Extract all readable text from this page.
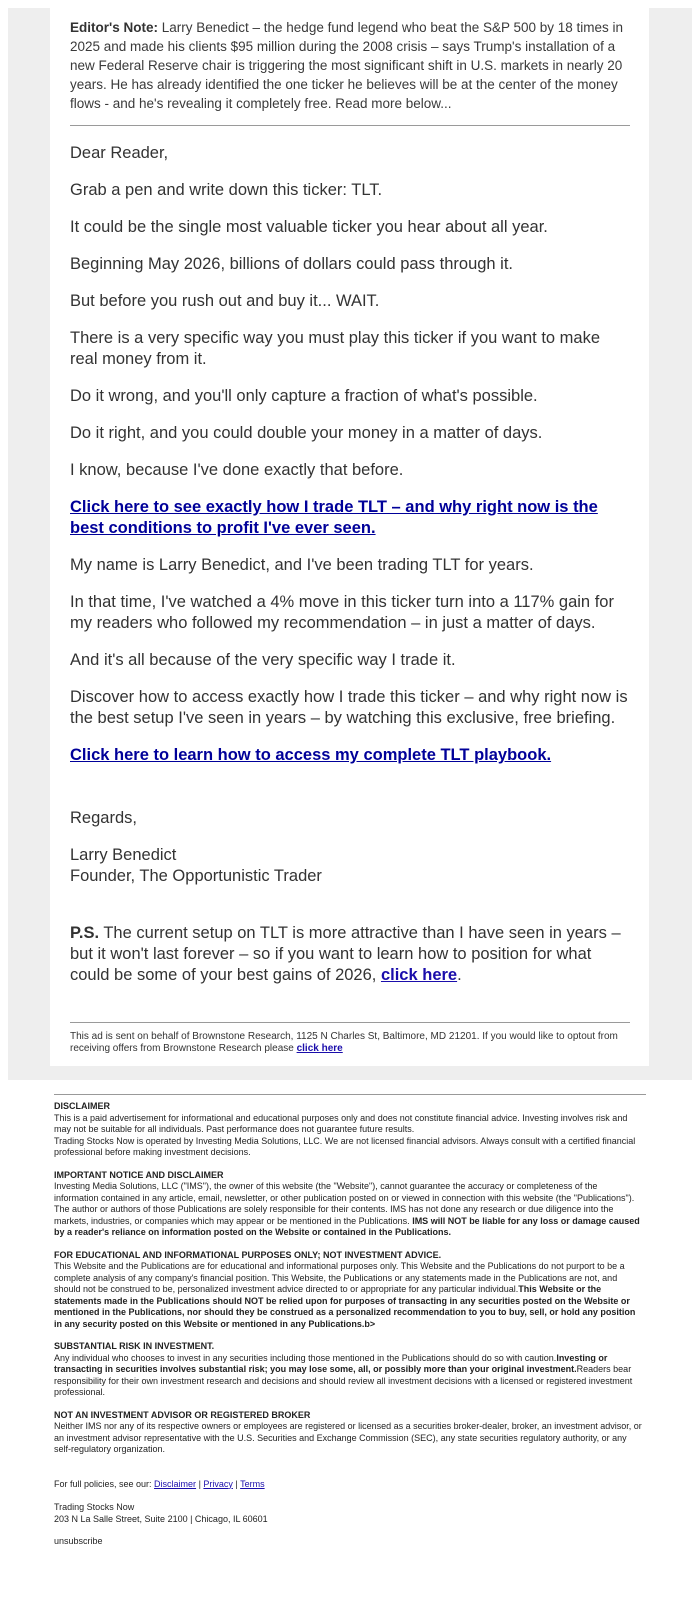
Editor's Note: Larry Benedict – the hedge fund legend who beat the S&P 500 by 18 times in 2025 and made his clients $95 million during the 2008 crisis – says Trump's installation of a new Federal Reserve chair is triggering the most significant shift in U.S. markets in nearly 20 years. He has already identified the one ticker he believes will be at the center of the money flows - and he's revealing it completely free. Read more below...

Dear Reader,

Grab a pen and write down this ticker: TLT.

It could be the single most valuable ticker you hear about all year.

Beginning May 2026, billions of dollars could pass through it.

But before you rush out and buy it... WAIT.

There is a very specific way you must play this ticker if you want to make real money from it.

Do it wrong, and you'll only capture a fraction of what's possible.

Do it right, and you could double your money in a matter of days.

I know, because I've done exactly that before.

Click here to see exactly how I trade TLT – and why right now is the best conditions to profit I've ever seen.

My name is Larry Benedict, and I've been trading TLT for years.

In that time, I've watched a 4% move in this ticker turn into a 117% gain for my readers who followed my recommendation – in just a matter of days.

And it's all because of the very specific way I trade it.

Discover how to access exactly how I trade this ticker – and why right now is the best setup I've seen in years – by watching this exclusive, free briefing.

Click here to learn how to access my complete TLT playbook.

Regards,

Larry Benedict
Founder, The Opportunistic Trader

P.S. The current setup on TLT is more attractive than I have seen in years – but it won't last forever – so if you want to learn how to position for what could be some of your best gains of 2026, click here.

This ad is sent on behalf of Brownstone Research, 1125 N Charles St, Baltimore, MD 21201. If you would like to optout from receiving offers from Brownstone Research please click here
DISCLAIMER
This is a paid advertisement for informational and educational purposes only and does not constitute financial advice. Investing involves risk and may not be suitable for all individuals. Past performance does not guarantee future results.
Trading Stocks Now is operated by Investing Media Solutions, LLC. We are not licensed financial advisors. Always consult with a certified financial professional before making investment decisions.
IMPORTANT NOTICE AND DISCLAIMER
Investing Media Solutions, LLC ("IMS"), the owner of this website (the "Website"), cannot guarantee the accuracy or completeness of the information contained in any article, email, newsletter, or other publication posted on or viewed in connection with this website (the "Publications"). The author or authors of those Publications are solely responsible for their contents. IMS has not done any research or due diligence into the markets, industries, or companies which may appear or be mentioned in the Publications. IMS will NOT be liable for any loss or damage caused by a reader's reliance on information posted on the Website or contained in the Publications.
FOR EDUCATIONAL AND INFORMATIONAL PURPOSES ONLY; NOT INVESTMENT ADVICE.
This Website and the Publications are for educational and informational purposes only. This Website and the Publications do not purport to be a complete analysis of any company's financial position. This Website, the Publications or any statements made in the Publications are not, and should not be construed to be, personalized investment advice directed to or appropriate for any particular individual.This Website or the statements made in the Publications should NOT be relied upon for purposes of transacting in any securities posted on the Website or mentioned in the Publications, nor should they be construed as a personalized recommendation to you to buy, sell, or hold any position in any security posted on this Website or mentioned in any Publications.b>
SUBSTANTIAL RISK IN INVESTMENT.
Any individual who chooses to invest in any securities including those mentioned in the Publications should do so with caution.Investing or transacting in securities involves substantial risk; you may lose some, all, or possibly more than your original investment.Readers bear responsibility for their own investment research and decisions and should review all investment decisions with a licensed or registered investment professional.
NOT AN INVESTMENT ADVISOR OR REGISTERED BROKER
Neither IMS nor any of its respective owners or employees are registered or licensed as a securities broker-dealer, broker, an investment advisor, or an investment advisor representative with the U.S. Securities and Exchange Commission (SEC), any state securities regulatory authority, or any self-regulatory organization.
For full policies, see our: Disclaimer | Privacy | Terms
Trading Stocks Now
203 N La Salle Street, Suite 2100 | Chicago, IL 60601
unsubscribe
